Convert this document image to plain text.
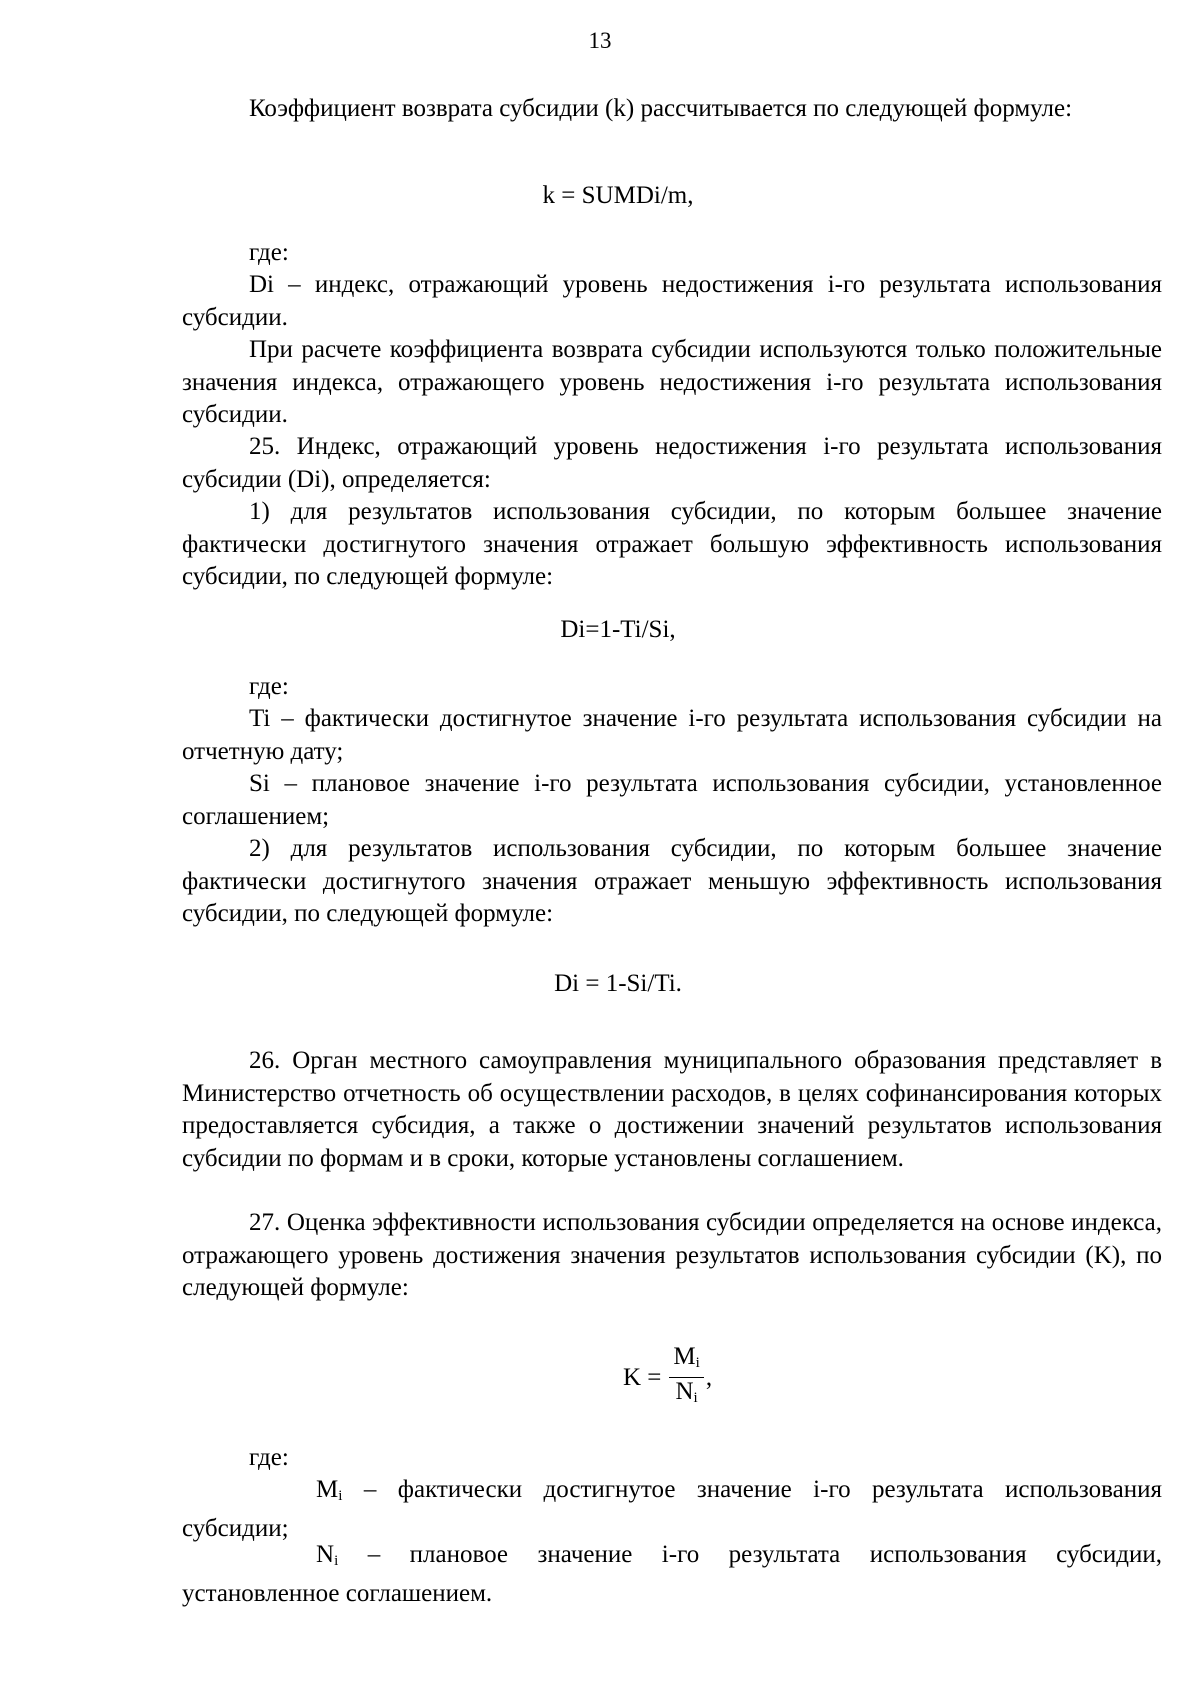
13

Коэффициент возврата субсидии (k) рассчитывается по следующей формуле:

k = SUMDi/m,

где:

Di – индекс, отражающий уровень недостижения i-го результата использования субсидии.

При расчете коэффициента возврата субсидии используются только положительные значения индекса, отражающего уровень недостижения i-го результата использования субсидии.

25. Индекс, отражающий уровень недостижения i-го результата использования субсидии (Di), определяется:

1) для результатов использования субсидии, по которым большее значение фактически достигнутого значения отражает большую эффективность использования субсидии, по следующей формуле:

Di=1-Ti/Si,

где:

Ti – фактически достигнутое значение i-го результата использования субсидии на отчетную дату;

Si – плановое значение i-го результата использования субсидии, установленное соглашением;

2) для результатов использования субсидии, по которым большее значение фактически достигнутого значения отражает меньшую эффективность использования субсидии, по следующей формуле:

Di = 1-Si/Ti.

26. Орган местного самоуправления муниципального образования представляет в Министерство отчетность об осуществлении расходов, в целях софинансирования которых предоставляется субсидия, а также о достижении значений результатов использования субсидии по формам и в сроки, которые установлены соглашением.

27. Оценка эффективности использования субсидии определяется на основе индекса, отражающего уровень достижения значения результатов использования субсидии (K), по следующей формуле:

$K = \frac{M_i}{N_i}$ ,

где:

$M_i$ – фактически достигнутое значение i-го результата использования субсидии;

$N_i$ – плановое значение i-го результата использования субсидии, установленное соглашением.
